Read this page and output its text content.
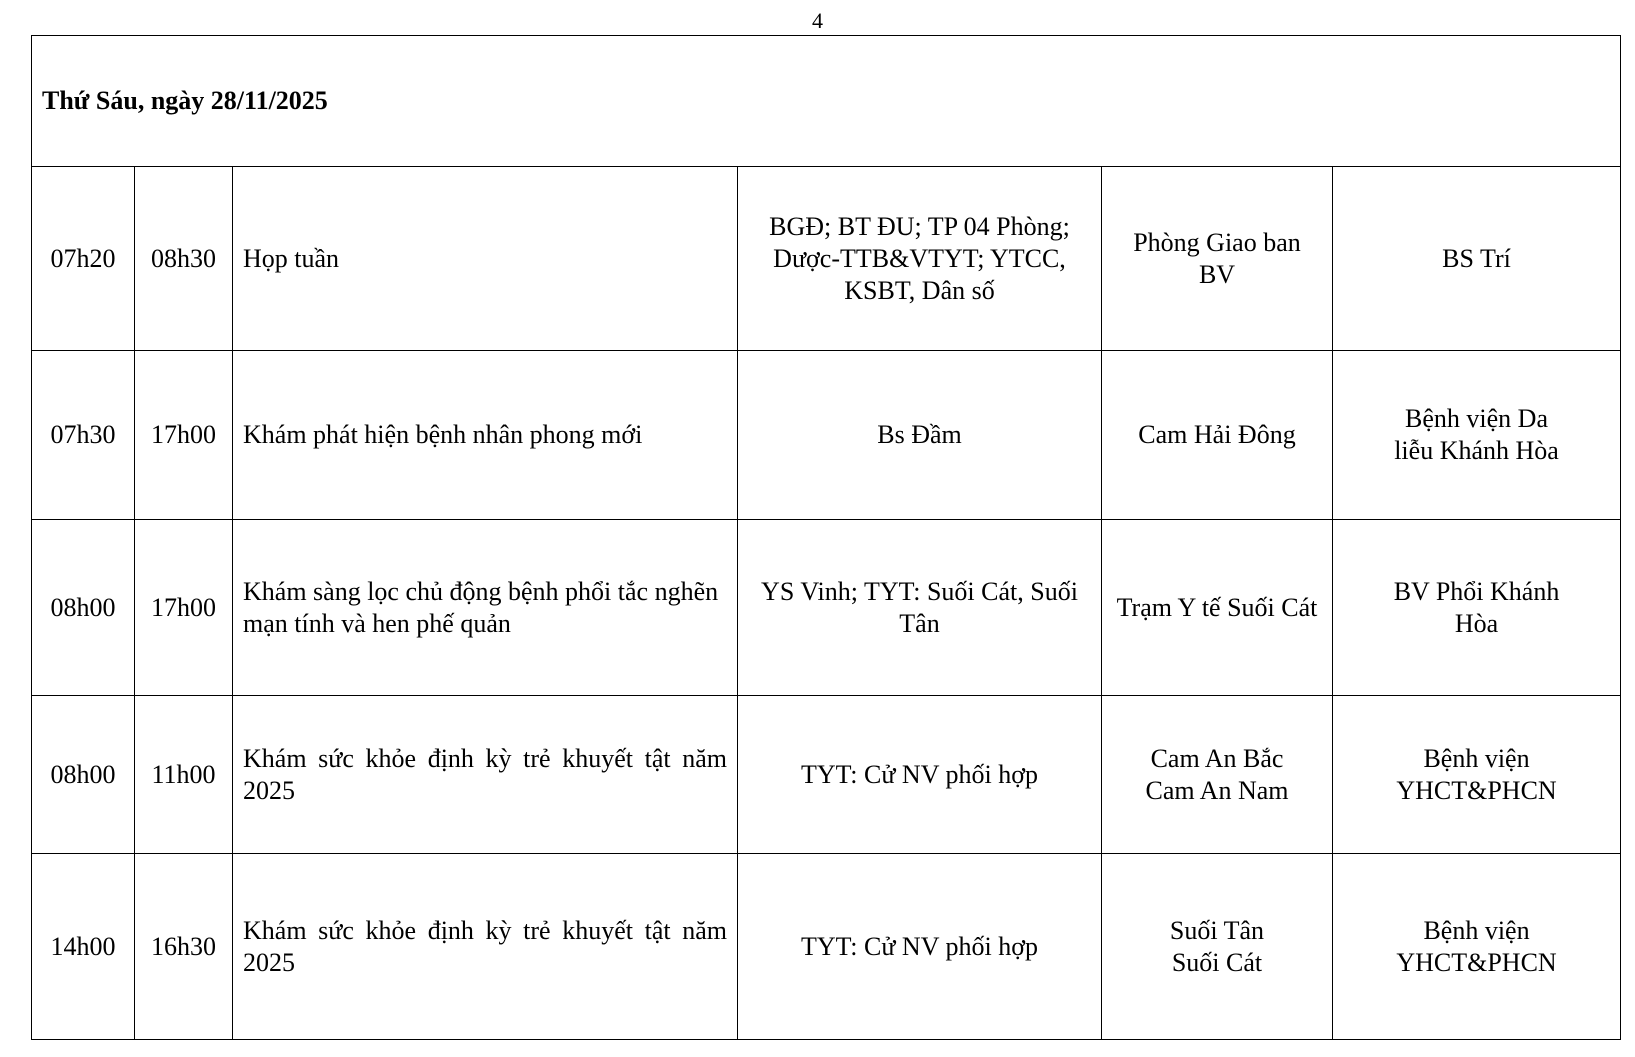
4
Thứ Sáu, ngày 28/11/2025					
07h20	08h30	Họp tuần	BGĐ; BT ĐU; TP 04 Phòng;
Dược-TTB&VTYT; YTCC,
KSBT, Dân số	Phòng Giao ban
BV	BS Trí

07h30	17h00	Khám phát hiện bệnh nhân phong mới	Bs Đầm	Cam Hải Đông	Bệnh viện Da
liễu Khánh Hòa

08h00	17h00	Khám sàng lọc chủ động bệnh phổi tắc nghẽn mạn tính và hen phế quản	YS Vinh; TYT: Suối Cát, Suối
Tân	Trạm Y tế Suối Cát	BV Phổi Khánh
Hòa

08h00	11h00	Khám sức khỏe định kỳ trẻ khuyết tật năm 2025	TYT: Cử NV phối hợp	Cam An Bắc
Cam An Nam	Bệnh viện
YHCT&PHCN

14h00	16h30	Khám sức khỏe định kỳ trẻ khuyết tật năm 2025	TYT: Cử NV phối hợp	Suối Tân
Suối Cát	Bệnh viện
YHCT&PHCN
